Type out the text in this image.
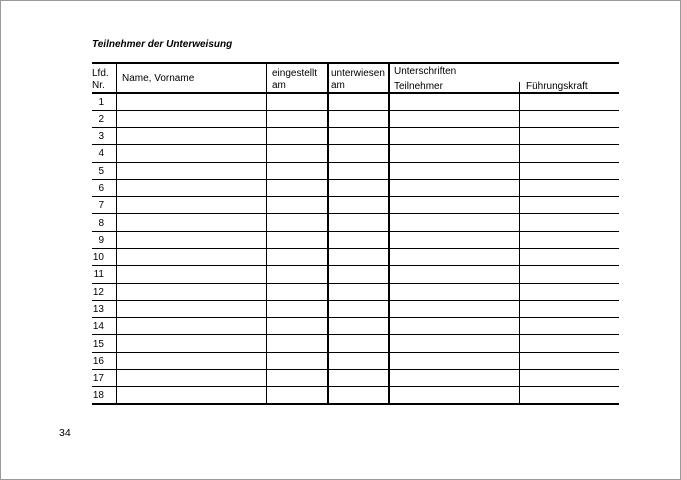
Teilnehmer der Unterweisung
Lfd.
Nr.
Name, Vorname	eingestellt
am
unterwiesen
am
Unterschriften
Teilnehmer	Führungskraft
1
2
3
4
5
6
7
8
9
10
11
12
13
14
15
16
17
18
34
